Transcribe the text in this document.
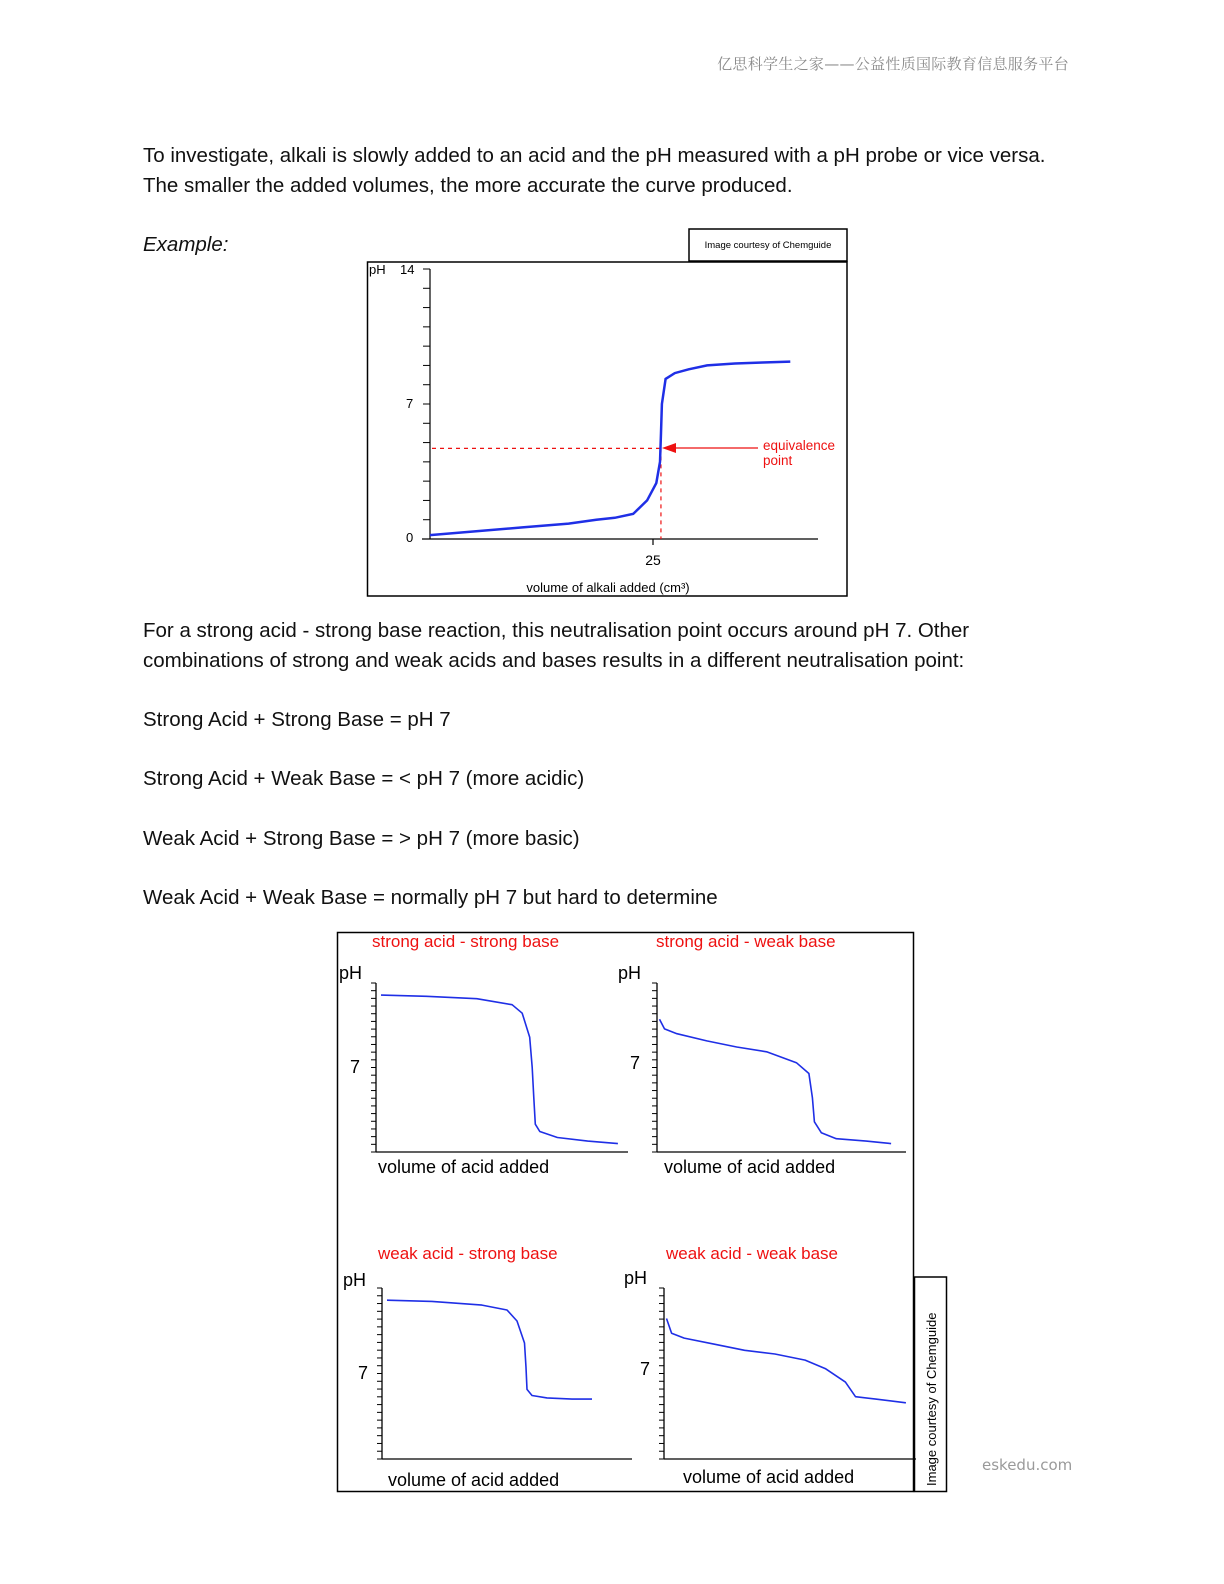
亿思科学生之家——公益性质国际教育信息服务平台

To investigate, alkali is slowly added to an acid and the pH measured with a pH probe or vice versa. The smaller the added volumes, the more accurate the curve produced.

Example:	Image courtesy of Chemguide
pH 14
7
0
25
volume of alkali added (cm³)
equivalence
point

For a strong acid - strong base reaction, this neutralisation point occurs around pH 7. Other combinations of strong and weak acids and bases results in a different neutralisation point:

Strong Acid + Strong Base = pH 7

Strong Acid + Weak Base = < pH 7 (more acidic)

Weak Acid + Strong Base = > pH 7 (more basic)

Weak Acid + Weak Base = normally pH 7 but hard to determine

Image courtesy of Chemguide
strong acid - strong base
pH
7
volume of acid added
strong acid - weak base
pH
7
volume of acid added
weak acid - strong base
pH
7
volume of acid added
weak acid - weak base
pH
7
volume of acid added
eskedu.com
